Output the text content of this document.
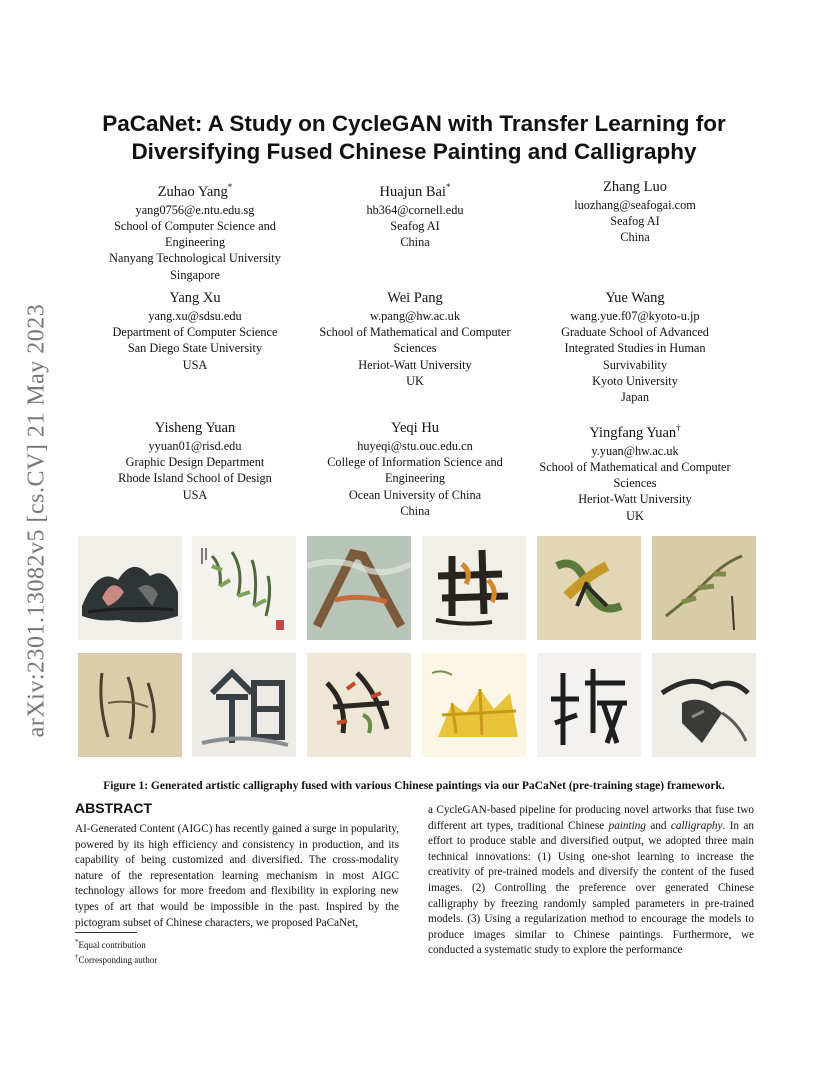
arXiv:2301.13082v5 [cs.CV] 21 May 2023
PaCaNet: A Study on CycleGAN with Transfer Learning for
Diversifying Fused Chinese Painting and Calligraphy
Zuhao Yang*
yang0756@e.ntu.edu.sg
School of Computer Science and
Engineering
Nanyang Technological University
Singapore
Huajun Bai*
hb364@cornell.edu
Seafog AI
China
Zhang Luo
luozhang@seafogai.com
Seafog AI
China
Yang Xu
yang.xu@sdsu.edu
Department of Computer Science
San Diego State University
USA
Wei Pang
w.pang@hw.ac.uk
School of Mathematical and Computer
Sciences
Heriot-Watt University
UK
Yue Wang
wang.yue.f07@kyoto-u.jp
Graduate School of Advanced
Integrated Studies in Human
Survivability
Kyoto University
Japan
Yisheng Yuan
yyuan01@risd.edu
Graphic Design Department
Rhode Island School of Design
USA
Yeqi Hu
huyeqi@stu.ouc.edu.cn
College of Information Science and
Engineering
Ocean University of China
China
Yingfang Yuan†
y.yuan@hw.ac.uk
School of Mathematical and Computer
Sciences
Heriot-Watt University
UK
Figure 1: Generated artistic calligraphy fused with various Chinese paintings via our PaCaNet (pre-training stage) framework.
ABSTRACT

AI-Generated Content (AIGC) has recently gained a surge in popularity, powered by its high efficiency and consistency in production, and its capability of being customized and diversified. The cross-modality nature of the representation learning mechanism in most AIGC technology allows for more freedom and flexibility in exploring new types of art that would be impossible in the past. Inspired by the pictogram subset of Chinese characters, we proposed PaCaNet,

a CycleGAN-based pipeline for producing novel artworks that fuse two different art types, traditional Chinese painting and calligraphy. In an effort to produce stable and diversified output, we adopted three main technical innovations: (1) Using one-shot learning to increase the creativity of pre-trained models and diversify the content of the fused images. (2) Controlling the preference over generated Chinese calligraphy by freezing randomly sampled parameters in pre-trained models. (3) Using a regularization method to encourage the models to produce images similar to Chinese paintings. Furthermore, we conducted a systematic study to explore the performance

*Equal contribution
†Corresponding author
